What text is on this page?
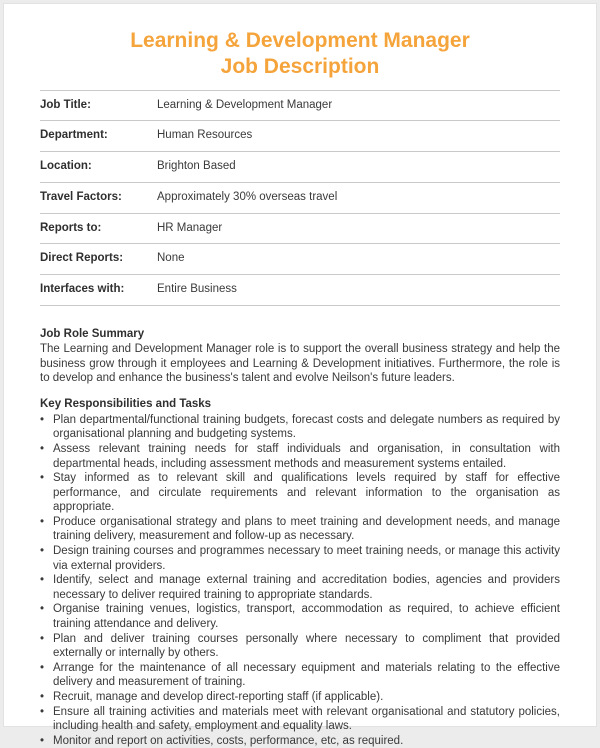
Learning & Development Manager
Job Description
Job Title:	Learning & Development Manager
Department:	Human Resources
Location:	Brighton Based
Travel Factors:	Approximately 30% overseas travel
Reports to:	HR Manager
Direct Reports:	None
Interfaces with:	Entire Business
Job Role Summary

The Learning and Development Manager role is to support the overall business strategy and help the business grow through it employees and Learning & Development initiatives. Furthermore, the role is to develop and enhance the business's talent and evolve Neilson's future leaders.

Key Responsibilities and Tasks
• Plan departmental/functional training budgets, forecast costs and delegate numbers as required by organisational planning and budgeting systems.
• Assess relevant training needs for staff individuals and organisation, in consultation with departmental heads, including assessment methods and measurement systems entailed.
• Stay informed as to relevant skill and qualifications levels required by staff for effective performance, and circulate requirements and relevant information to the organisation as appropriate.
• Produce organisational strategy and plans to meet training and development needs, and manage training delivery, measurement and follow-up as necessary.
• Design training courses and programmes necessary to meet training needs, or manage this activity via external providers.
• Identify, select and manage external training and accreditation bodies, agencies and providers necessary to deliver required training to appropriate standards.
• Organise training venues, logistics, transport, accommodation as required, to achieve efficient training attendance and delivery.
• Plan and deliver training courses personally where necessary to compliment that provided externally or internally by others.
• Arrange for the maintenance of all necessary equipment and materials relating to the effective delivery and measurement of training.
• Recruit, manage and develop direct-reporting staff (if applicable).
• Ensure all training activities and materials meet with relevant organisational and statutory policies, including health and safety, employment and equality laws.
• Monitor and report on activities, costs, performance, etc, as required.
